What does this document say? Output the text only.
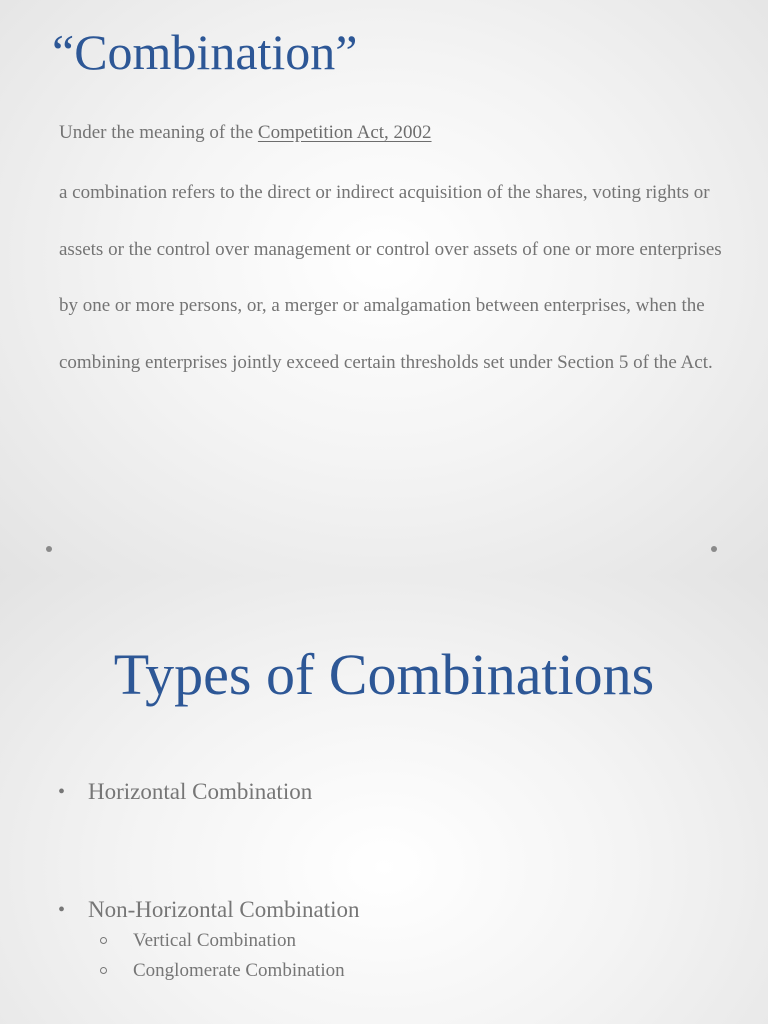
“Combination”

Under the meaning of the Competition Act, 2002

a combination refers to the direct or indirect acquisition of the shares, voting rights or assets or the control over management or control over assets of one or more enterprises by one or more persons, or, a merger or amalgamation between enterprises, when the combining enterprises jointly exceed certain thresholds set under Section 5 of the Act.

Types of Combinations
• Horizontal Combination
• Non-Horizontal Combination
Vertical Combination
Conglomerate Combination
